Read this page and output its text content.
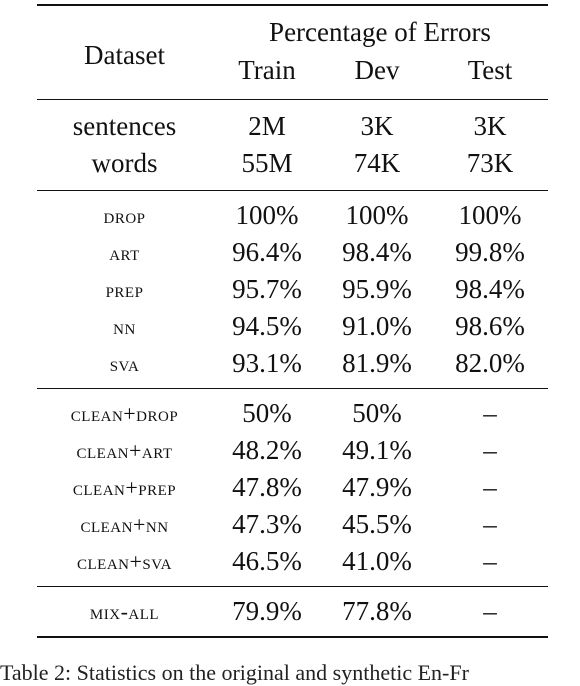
Dataset	Percentage of Errors		
	Train	Dev	Test
sentences	2M	3K	3K
words	55M	74K	73K
drop	100%	100%	100%
art	96.4%	98.4%	99.8%
prep	95.7%	95.9%	98.4%
nn	94.5%	91.0%	98.6%
sva	93.1%	81.9%	82.0%
clean+drop	50%	50%	–
clean+art	48.2%	49.1%	–
clean+prep	47.8%	47.9%	–
clean+nn	47.3%	45.5%	–
clean+sva	46.5%	41.0%	–
mix-all	79.9%	77.8%	–
Table 2: Statistics on the original and synthetic En-Fr
